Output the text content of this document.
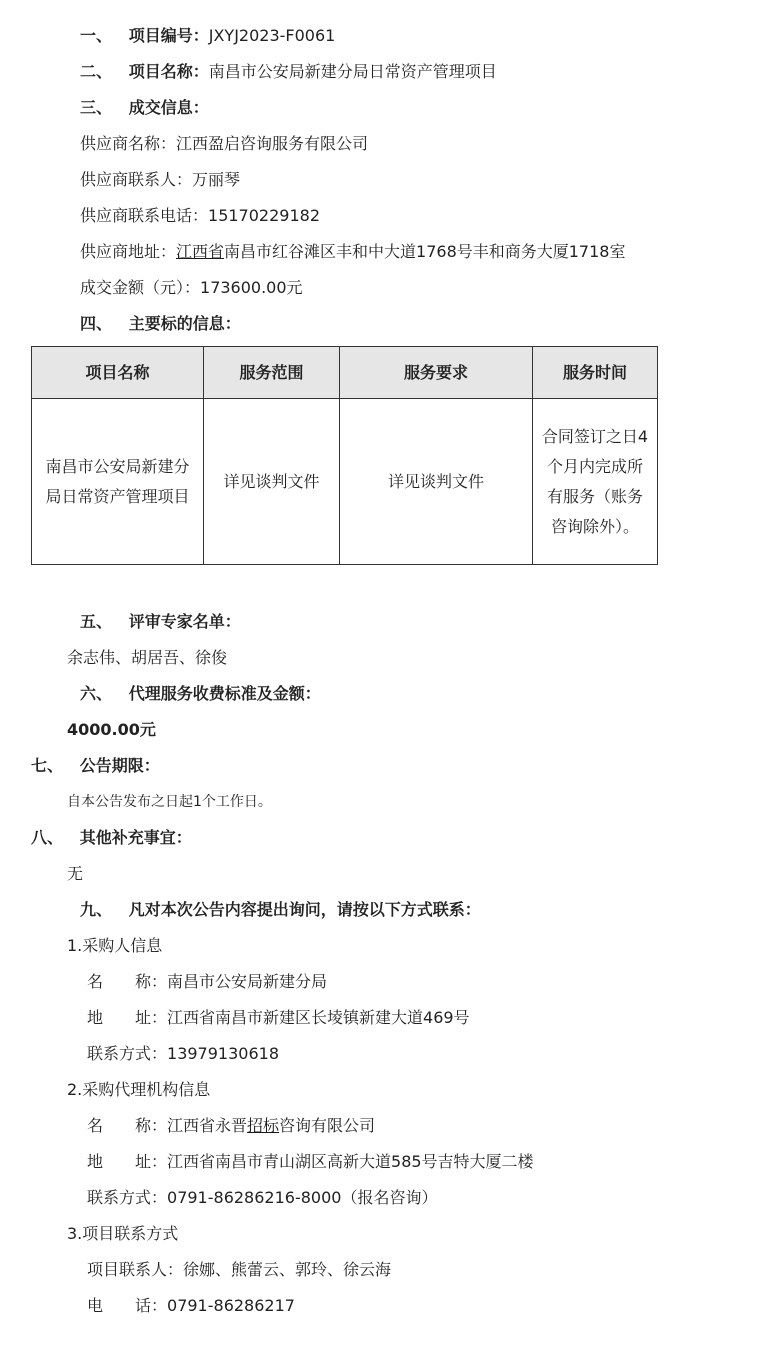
一、 项目编号：JXYJ2023-F0061
二、 项目名称：南昌市公安局新建分局日常资产管理项目
三、 成交信息：
供应商名称：江西盈启咨询服务有限公司
供应商联系人：万丽琴
供应商联系电话：15170229182
供应商地址：江西省南昌市红谷滩区丰和中大道1768号丰和商务大厦1718室
成交金额（元）：173600.00元
四、 主要标的信息：
项目名称	服务范围	服务要求	服务时间
南昌市公安局新建分局日常资产管理项目	详见谈判文件	详见谈判文件	合同签订之日4个月内完成所有服务（账务咨询除外）。
五、 评审专家名单：
余志伟、胡居吾、徐俊
六、 代理服务收费标准及金额：
4000.00元
七、 公告期限：
自本公告发布之日起1个工作日。
八、 其他补充事宜：
无
九、 凡对本次公告内容提出询问，请按以下方式联系：
1.采购人信息
名　　称：南昌市公安局新建分局
地　　址：江西省南昌市新建区长堎镇新建大道469号
联系方式：13979130618
2.采购代理机构信息
名　　称：江西省永晋招标咨询有限公司
地　　址：江西省南昌市青山湖区高新大道585号吉特大厦二楼
联系方式：0791-86286216-8000（报名咨询）
3.项目联系方式
项目联系人：徐娜、熊蕾云、郭玲、徐云海
电　　话：0791-86286217
